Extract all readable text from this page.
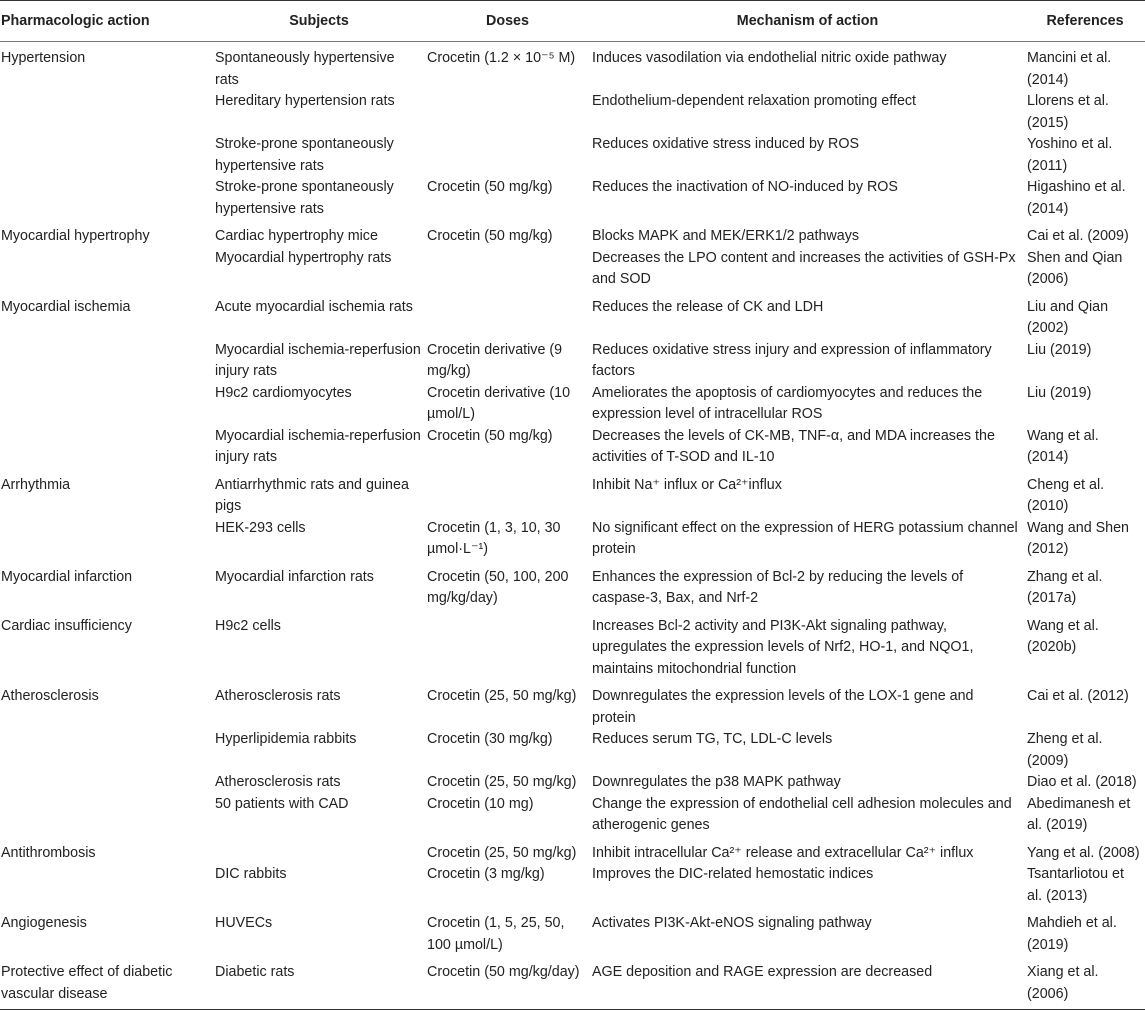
Pharmacologic action	Subjects	Doses	Mechanism of action	References
Hypertension	Spontaneously hypertensive rats	Crocetin (1.2 × 10⁻⁵ M)	Induces vasodilation via endothelial nitric oxide pathway	Mancini et al. (2014)
	Hereditary hypertension rats		Endothelium-dependent relaxation promoting effect	Llorens et al. (2015)
	Stroke-prone spontaneously hypertensive rats		Reduces oxidative stress induced by ROS	Yoshino et al. (2011)
	Stroke-prone spontaneously hypertensive rats	Crocetin (50 mg/kg)	Reduces the inactivation of NO-induced by ROS	Higashino et al. (2014)
Myocardial hypertrophy	Cardiac hypertrophy mice	Crocetin (50 mg/kg)	Blocks MAPK and MEK/ERK1/2 pathways	Cai et al. (2009)
	Myocardial hypertrophy rats		Decreases the LPO content and increases the activities of GSH-Px and SOD	Shen and Qian (2006)
Myocardial ischemia	Acute myocardial ischemia rats		Reduces the release of CK and LDH	Liu and Qian (2002)
	Myocardial ischemia-reperfusion injury rats	Crocetin derivative (9 mg/kg)	Reduces oxidative stress injury and expression of inflammatory factors	Liu (2019)
	H9c2 cardiomyocytes	Crocetin derivative (10 µmol/L)	Ameliorates the apoptosis of cardiomyocytes and reduces the expression level of intracellular ROS	Liu (2019)
	Myocardial ischemia-reperfusion injury rats	Crocetin (50 mg/kg)	Decreases the levels of CK-MB, TNF-α, and MDA increases the activities of T-SOD and IL-10	Wang et al. (2014)
Arrhythmia	Antiarrhythmic rats and guinea pigs		Inhibit Na⁺ influx or Ca²⁺influx	Cheng et al. (2010)
	HEK-293 cells	Crocetin (1, 3, 10, 30 µmol·L⁻¹)	No significant effect on the expression of HERG potassium channel protein	Wang and Shen (2012)
Myocardial infarction	Myocardial infarction rats	Crocetin (50, 100, 200 mg/kg/day)	Enhances the expression of Bcl-2 by reducing the levels of caspase-3, Bax, and Nrf-2	Zhang et al. (2017a)
Cardiac insufficiency	H9c2 cells		Increases Bcl-2 activity and PI3K-Akt signaling pathway, upregulates the expression levels of Nrf2, HO-1, and NQO1, maintains mitochondrial function	Wang et al. (2020b)
Atherosclerosis	Atherosclerosis rats	Crocetin (25, 50 mg/kg)	Downregulates the expression levels of the LOX-1 gene and protein	Cai et al. (2012)
	Hyperlipidemia rabbits	Crocetin (30 mg/kg)	Reduces serum TG, TC, LDL-C levels	Zheng et al. (2009)
	Atherosclerosis rats	Crocetin (25, 50 mg/kg)	Downregulates the p38 MAPK pathway	Diao et al. (2018)
	50 patients with CAD	Crocetin (10 mg)	Change the expression of endothelial cell adhesion molecules and atherogenic genes	Abedimanesh et al. (2019)
Antithrombosis		Crocetin (25, 50 mg/kg)	Inhibit intracellular Ca²⁺ release and extracellular Ca²⁺ influx	Yang et al. (2008)
	DIC rabbits	Crocetin (3 mg/kg)	Improves the DIC-related hemostatic indices	Tsantarliotou et al. (2013)
Angiogenesis	HUVECs	Crocetin (1, 5, 25, 50, 100 µmol/L)	Activates PI3K-Akt-eNOS signaling pathway	Mahdieh et al. (2019)
Protective effect of diabetic vascular disease	Diabetic rats	Crocetin (50 mg/kg/day)	AGE deposition and RAGE expression are decreased	Xiang et al. (2006)
